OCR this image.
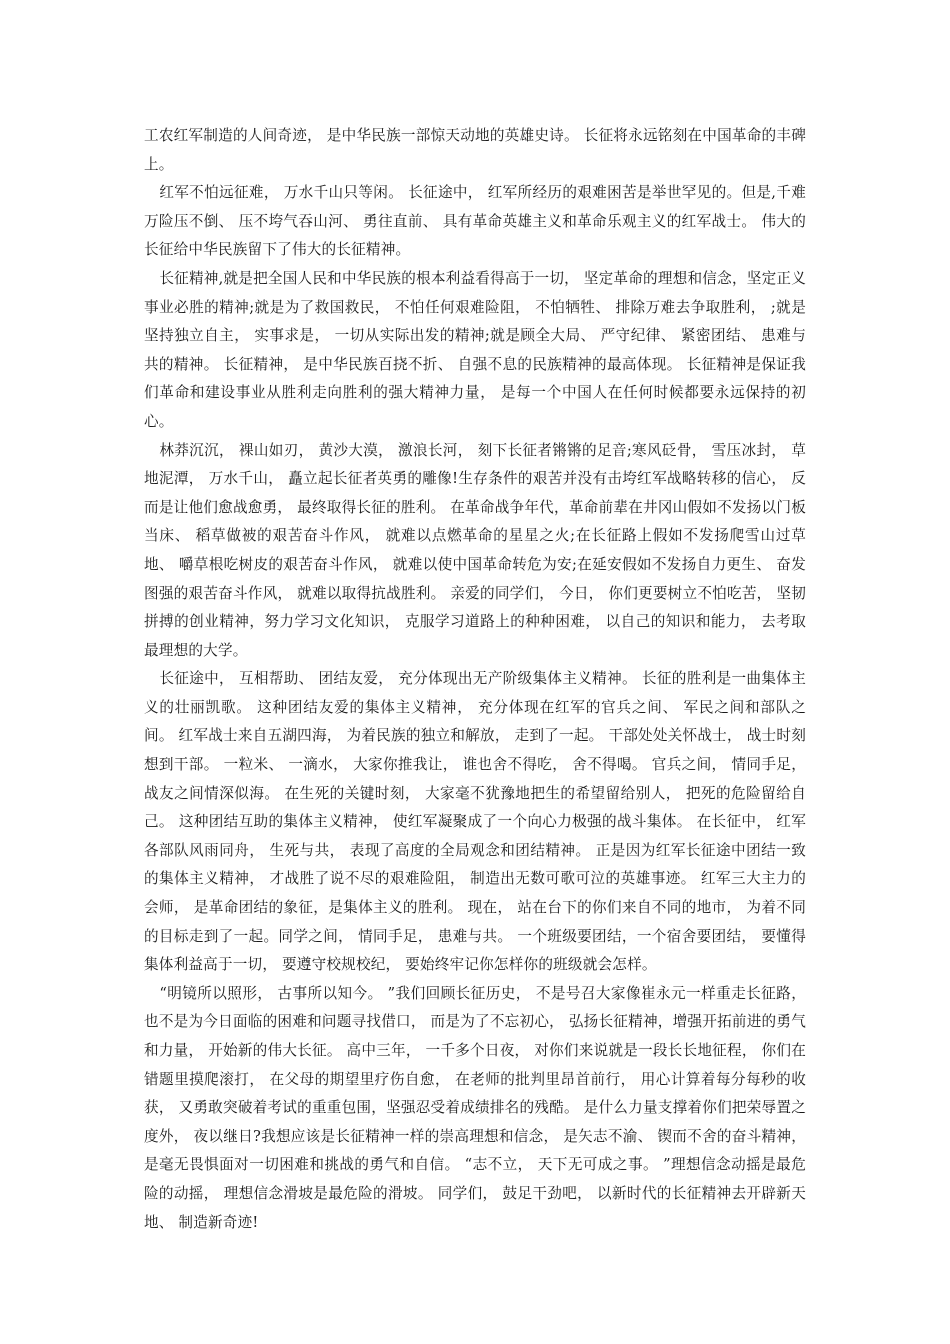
工农红军制造的人间奇迹， 是中华民族一部惊天动地的英雄史诗。 长征将永远铭刻在中国革命的丰碑上。

红军不怕远征难， 万水千山只等闲。 长征途中， 红军所经历的艰难困苦是举世罕见的。但是,千难万险压不倒、 压不垮气吞山河、 勇往直前、 具有革命英雄主义和革命乐观主义的红军战士。 伟大的长征给中华民族留下了伟大的长征精神。

长征精神,就是把全国人民和中华民族的根本利益看得高于一切， 坚定革命的理想和信念，坚定正义事业必胜的精神;就是为了救国救民， 不怕任何艰难险阻， 不怕牺牲、 排除万难去争取胜利， ;就是坚持独立自主， 实事求是， 一切从实际出发的精神;就是顾全大局、 严守纪律、 紧密团结、 患难与共的精神。 长征精神， 是中华民族百挠不折、 自强不息的民族精神的最高体现。 长征精神是保证我们革命和建设事业从胜利走向胜利的强大精神力量， 是每一个中国人在任何时候都要永远保持的初心。

林莽沉沉， 裸山如刃， 黄沙大漠， 激浪长河， 刻下长征者锵锵的足音;寒风砭骨， 雪压冰封， 草地泥潭， 万水千山， 矗立起长征者英勇的雕像!生存条件的艰苦并没有击垮红军战略转移的信心， 反而是让他们愈战愈勇， 最终取得长征的胜利。 在革命战争年代，革命前辈在井冈山假如不发扬以门板当床、 稻草做被的艰苦奋斗作风， 就难以点燃革命的星星之火;在长征路上假如不发扬爬雪山过草地、 嚼草根吃树皮的艰苦奋斗作风， 就难以使中国革命转危为安;在延安假如不发扬自力更生、 奋发图强的艰苦奋斗作风， 就难以取得抗战胜利。 亲爱的同学们， 今日， 你们更要树立不怕吃苦， 坚韧拼搏的创业精神，努力学习文化知识， 克服学习道路上的种种困难， 以自己的知识和能力， 去考取最理想的大学。

长征途中， 互相帮助、 团结友爱， 充分体现出无产阶级集体主义精神。 长征的胜利是一曲集体主义的壮丽凯歌。 这种团结友爱的集体主义精神， 充分体现在红军的官兵之间、 军民之间和部队之间。 红军战士来自五湖四海， 为着民族的独立和解放， 走到了一起。 干部处处关怀战士， 战士时刻想到干部。 一粒米、 一滴水， 大家你推我让， 谁也舍不得吃， 舍不得喝。 官兵之间， 情同手足， 战友之间情深似海。 在生死的关键时刻， 大家毫不犹豫地把生的希望留给别人， 把死的危险留给自己。 这种团结互助的集体主义精神， 使红军凝聚成了一个向心力极强的战斗集体。 在长征中， 红军各部队风雨同舟， 生死与共， 表现了高度的全局观念和团结精神。 正是因为红军长征途中团结一致的集体主义精神， 才战胜了说不尽的艰难险阻， 制造出无数可歌可泣的英雄事迹。 红军三大主力的会师， 是革命团结的象征，是集体主义的胜利。 现在， 站在台下的你们来自不同的地市， 为着不同的目标走到了一起。同学之间， 情同手足， 患难与共。 一个班级要团结，一个宿舍要团结， 要懂得集体利益高于一切， 要遵守校规校纪， 要始终牢记你怎样你的班级就会怎样。

“明镜所以照形， 古事所以知今。 ”我们回顾长征历史， 不是号召大家像崔永元一样重走长征路， 也不是为今日面临的困难和问题寻找借口， 而是为了不忘初心， 弘扬长征精神，增强开拓前进的勇气和力量， 开始新的伟大长征。 高中三年， 一千多个日夜， 对你们来说就是一段长长地征程， 你们在错题里摸爬滚打， 在父母的期望里疗伤自愈， 在老师的批判里昂首前行， 用心计算着每分每秒的收获， 又勇敢突破着考试的重重包围，坚强忍受着成绩排名的残酷。 是什么力量支撑着你们把荣辱置之度外， 夜以继日?我想应该是长征精神一样的崇高理想和信念， 是矢志不渝、 锲而不舍的奋斗精神， 是毫无畏惧面对一切困难和挑战的勇气和自信。 “志不立， 天下无可成之事。 ”理想信念动摇是最危险的动摇， 理想信念滑坡是最危险的滑坡。 同学们， 鼓足干劲吧， 以新时代的长征精神去开辟新天地、 制造新奇迹!
